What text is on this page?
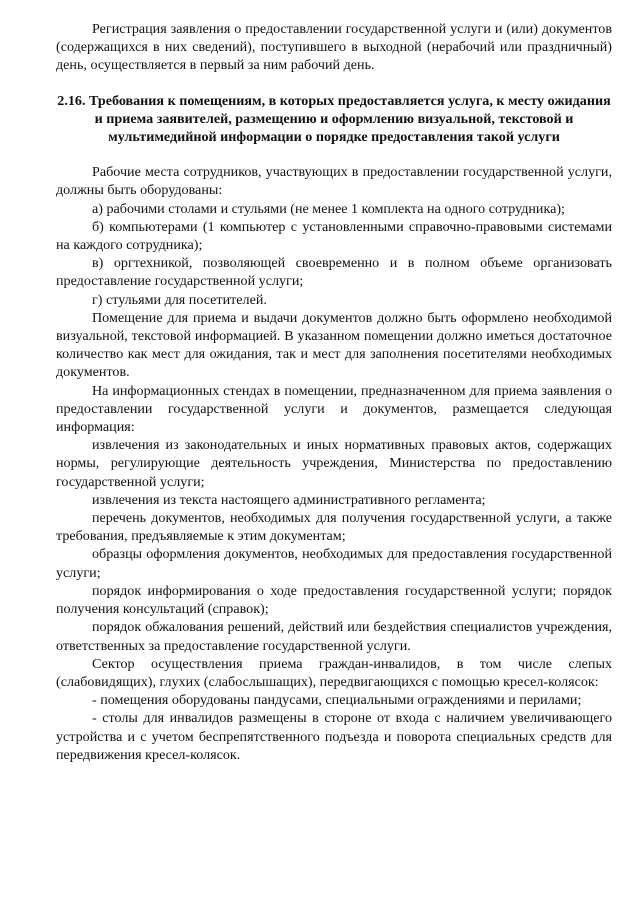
Регистрация заявления о предоставлении государственной услуги и (или) документов (содержащихся в них сведений), поступившего в выходной (нерабочий или праздничный) день, осуществляется в первый за ним рабочий день.

2.16. Требования к помещениям, в которых предоставляется услуга, к месту ожидания и приема заявителей, размещению и оформлению визуальной, текстовой и мультимедийной информации о порядке предоставления такой услуги

Рабочие места сотрудников, участвующих в предоставлении государственной услуги, должны быть оборудованы:

а) рабочими столами и стульями (не менее 1 комплекта на одного сотрудника);

б) компьютерами (1 компьютер с установленными справочно-правовыми системами на каждого сотрудника);

в) оргтехникой, позволяющей своевременно и в полном объеме организовать предоставление государственной услуги;

г) стульями для посетителей.

Помещение для приема и выдачи документов должно быть оформлено необходимой визуальной, текстовой информацией. В указанном помещении должно иметься достаточное количество как мест для ожидания, так и мест для заполнения посетителями необходимых документов.

На информационных стендах в помещении, предназначенном для приема заявления о предоставлении государственной услуги и документов, размещается следующая информация:

извлечения из законодательных и иных нормативных правовых актов, содержащих нормы, регулирующие деятельность учреждения, Министерства по предоставлению государственной услуги;

извлечения из текста настоящего административного регламента;

перечень документов, необходимых для получения государственной услуги, а также требования, предъявляемые к этим документам;

образцы оформления документов, необходимых для предоставления государственной услуги;

порядок информирования о ходе предоставления государственной услуги; порядок получения консультаций (справок);

порядок обжалования решений, действий или бездействия специалистов учреждения, ответственных за предоставление государственной услуги.

Сектор осуществления приема граждан-инвалидов, в том числе слепых (слабовидящих), глухих (слабослышащих), передвигающихся с помощью кресел-колясок:

- помещения оборудованы пандусами, специальными ограждениями и перилами;

- столы для инвалидов размещены в стороне от входа с наличием увеличивающего устройства и с учетом беспрепятственного подъезда и поворота специальных средств для передвижения кресел-колясок.
